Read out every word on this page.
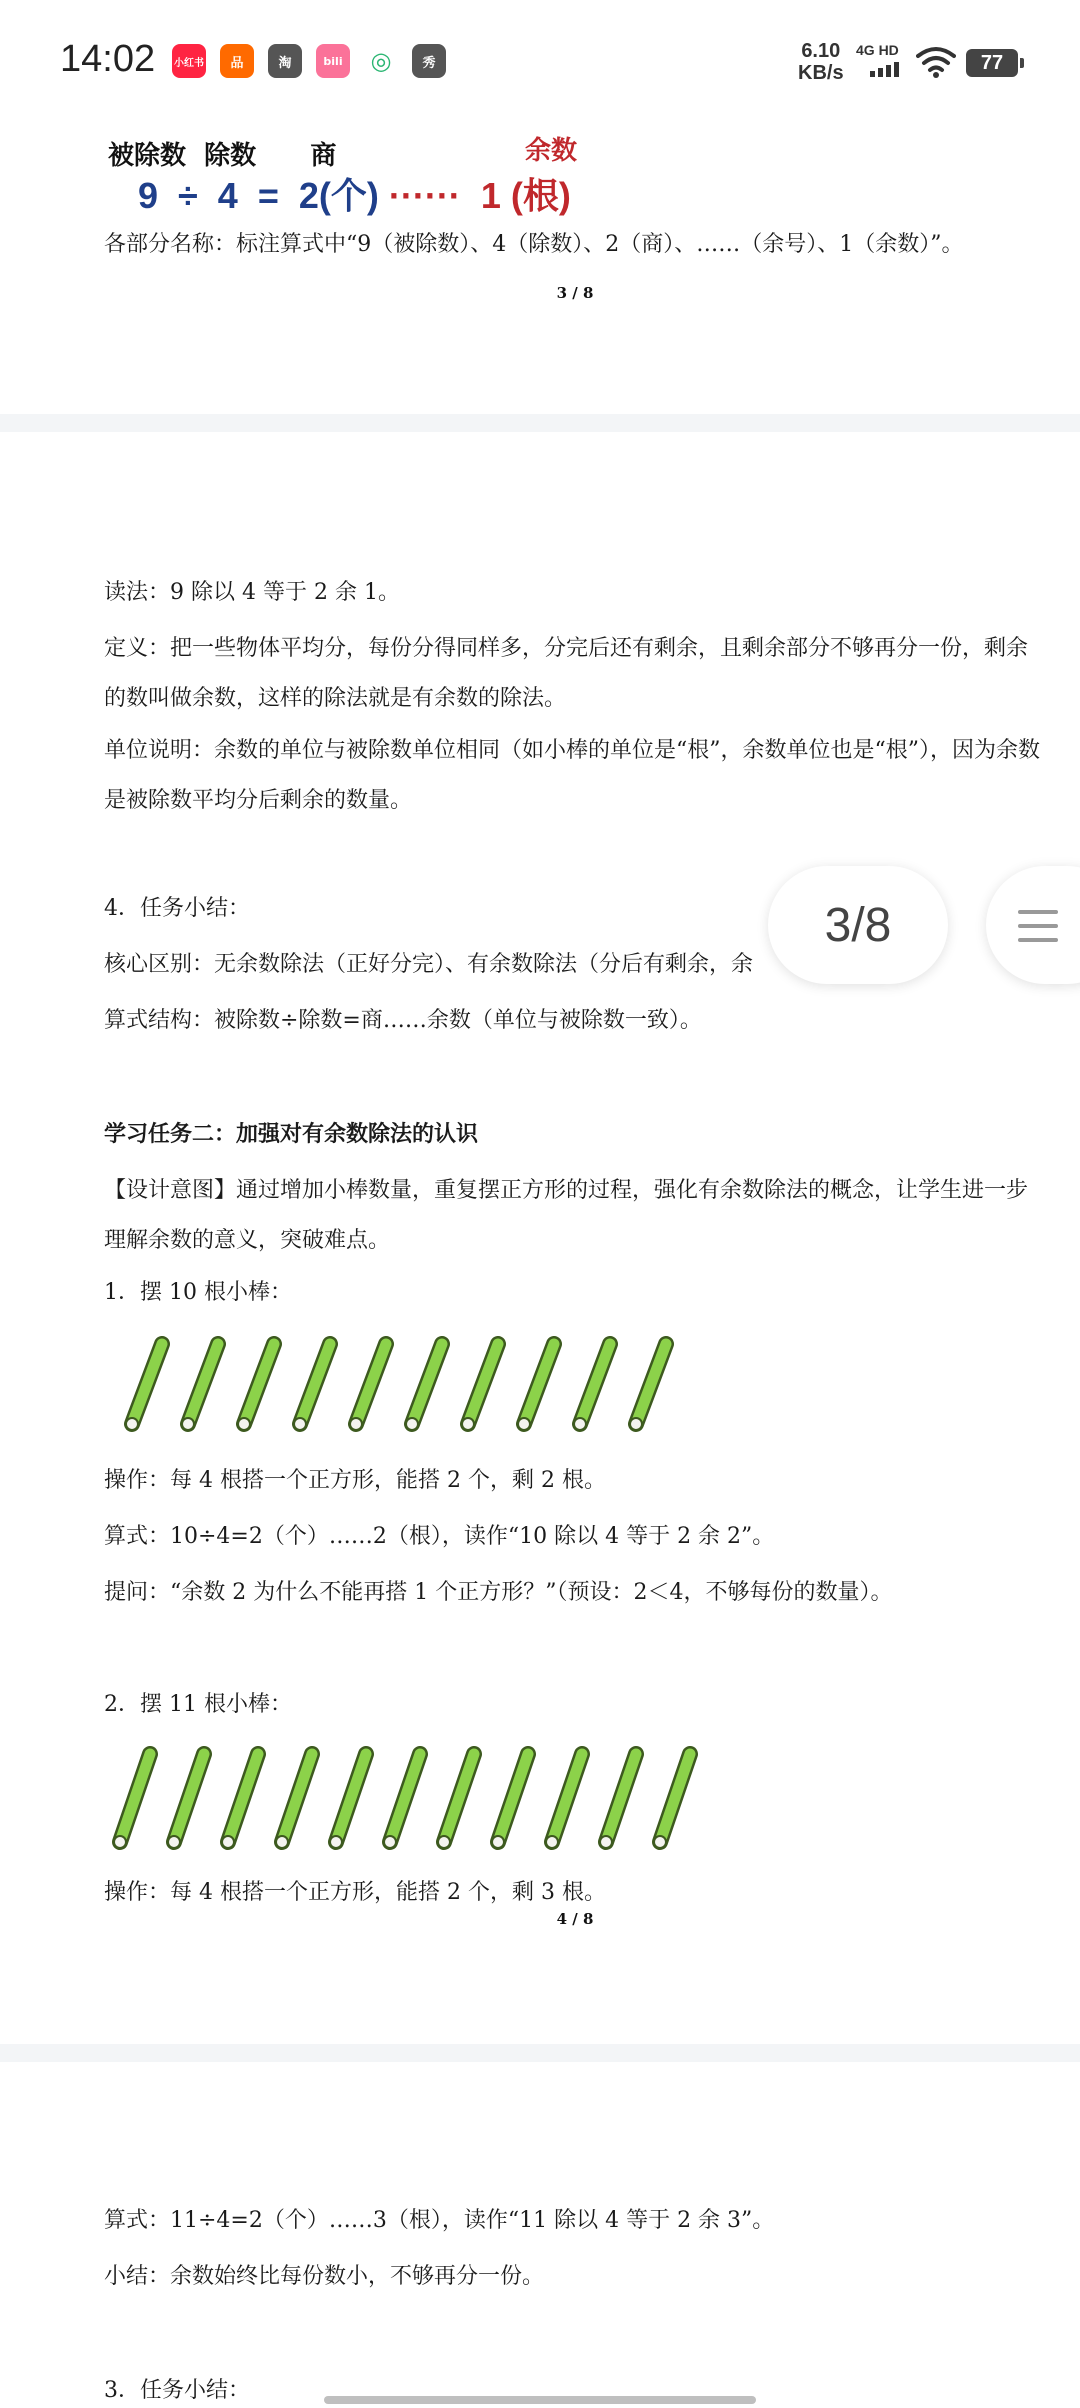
14:02 小红书	品	淘	bili	◎	秀
6.10
KB/s
4G HD
77
被除数  除数      商	余数
9  ÷  4  =  2(个) ······  1 (根)
各部分名称：标注算式中“9（被除数）、4（除数）、2（商）、……（余号）、1（余数）”。
3 / 8
读法：9 除以 4 等于 2 余 1。
定义：把一些物体平均分，每份分得同样多，分完后还有剩余，且剩余部分不够再分一份，剩余的数叫做余数，这样的除法就是有余数的除法。
单位说明：余数的单位与被除数单位相同（如小棒的单位是“根”，余数单位也是“根”），因为余数是被除数平均分后剩余的数量。
4．任务小结：
核心区别：无余数除法（正好分完）、有余数除法（分后有剩余，余
算式结构：被除数÷除数=商……余数（单位与被除数一致）。
学习任务二：加强对有余数除法的认识
【设计意图】通过增加小棒数量，重复摆正方形的过程，强化有余数除法的概念，让学生进一步理解余数的意义，突破难点。
1．摆 10 根小棒：
操作：每 4 根搭一个正方形，能搭 2 个，剩 2 根。
算式：10÷4=2（个）……2（根），读作“10 除以 4 等于 2 余 2”。
提问：“余数 2 为什么不能再搭 1 个正方形？”（预设：2＜4，不够每份的数量）。
2．摆 11 根小棒：
操作：每 4 根搭一个正方形，能搭 2 个，剩 3 根。
4 / 8
算式：11÷4=2（个）……3（根），读作“11 除以 4 等于 2 余 3”。
小结：余数始终比每份数小，不够再分一份。
3．任务小结：
3/8
